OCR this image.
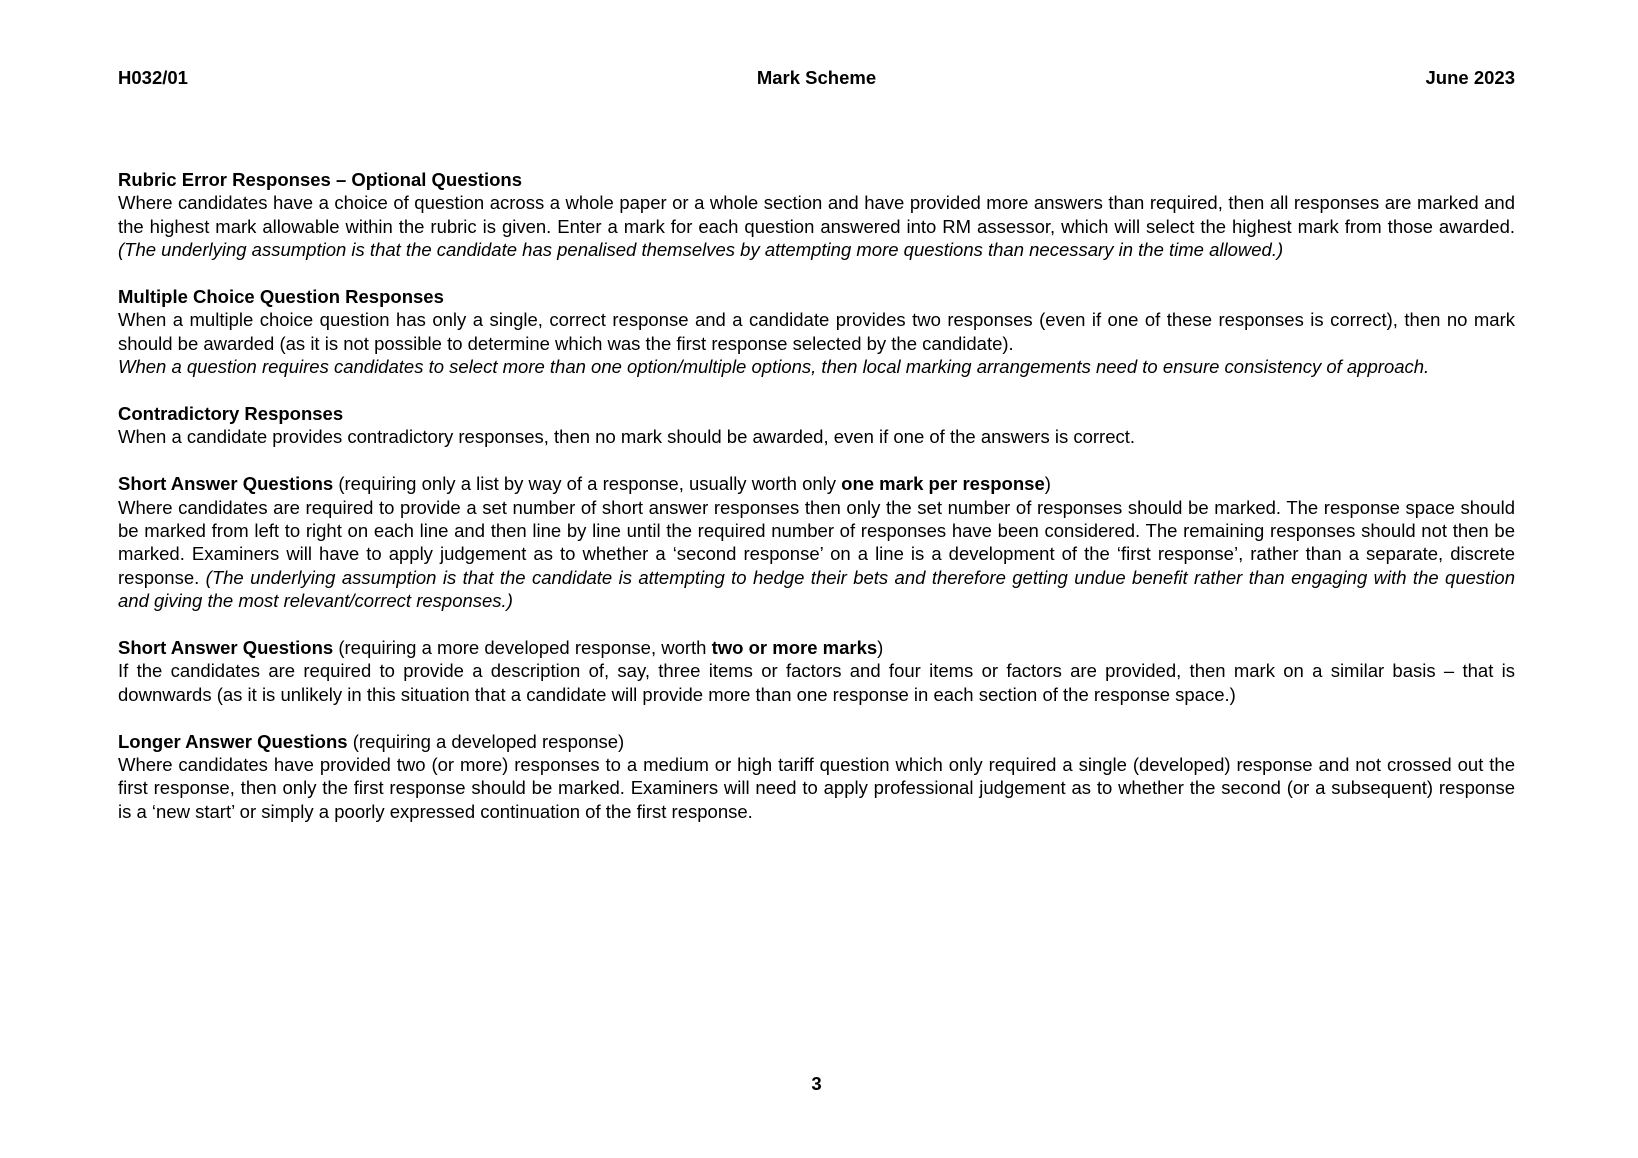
H032/01	Mark Scheme	June 2023
Rubric Error Responses – Optional Questions

Where candidates have a choice of question across a whole paper or a whole section and have provided more answers than required, then all responses are marked and the highest mark allowable within the rubric is given. Enter a mark for each question answered into RM assessor, which will select the highest mark from those awarded. (The underlying assumption is that the candidate has penalised themselves by attempting more questions than necessary in the time allowed.)

Multiple Choice Question Responses

When a multiple choice question has only a single, correct response and a candidate provides two responses (even if one of these responses is correct), then no mark should be awarded (as it is not possible to determine which was the first response selected by the candidate).

When a question requires candidates to select more than one option/multiple options, then local marking arrangements need to ensure consistency of approach.

Contradictory Responses

When a candidate provides contradictory responses, then no mark should be awarded, even if one of the answers is correct.

Short Answer Questions (requiring only a list by way of a response, usually worth only one mark per response)

Where candidates are required to provide a set number of short answer responses then only the set number of responses should be marked. The response space should be marked from left to right on each line and then line by line until the required number of responses have been considered. The remaining responses should not then be marked. Examiners will have to apply judgement as to whether a ‘second response’ on a line is a development of the ‘first response’, rather than a separate, discrete response. (The underlying assumption is that the candidate is attempting to hedge their bets and therefore getting undue benefit rather than engaging with the question and giving the most relevant/correct responses.)

Short Answer Questions (requiring a more developed response, worth two or more marks)

If the candidates are required to provide a description of, say, three items or factors and four items or factors are provided, then mark on a similar basis – that is downwards (as it is unlikely in this situation that a candidate will provide more than one response in each section of the response space.)

Longer Answer Questions (requiring a developed response)

Where candidates have provided two (or more) responses to a medium or high tariff question which only required a single (developed) response and not crossed out the first response, then only the first response should be marked. Examiners will need to apply professional judgement as to whether the second (or a subsequent) response is a ‘new start’ or simply a poorly expressed continuation of the first response.

3
